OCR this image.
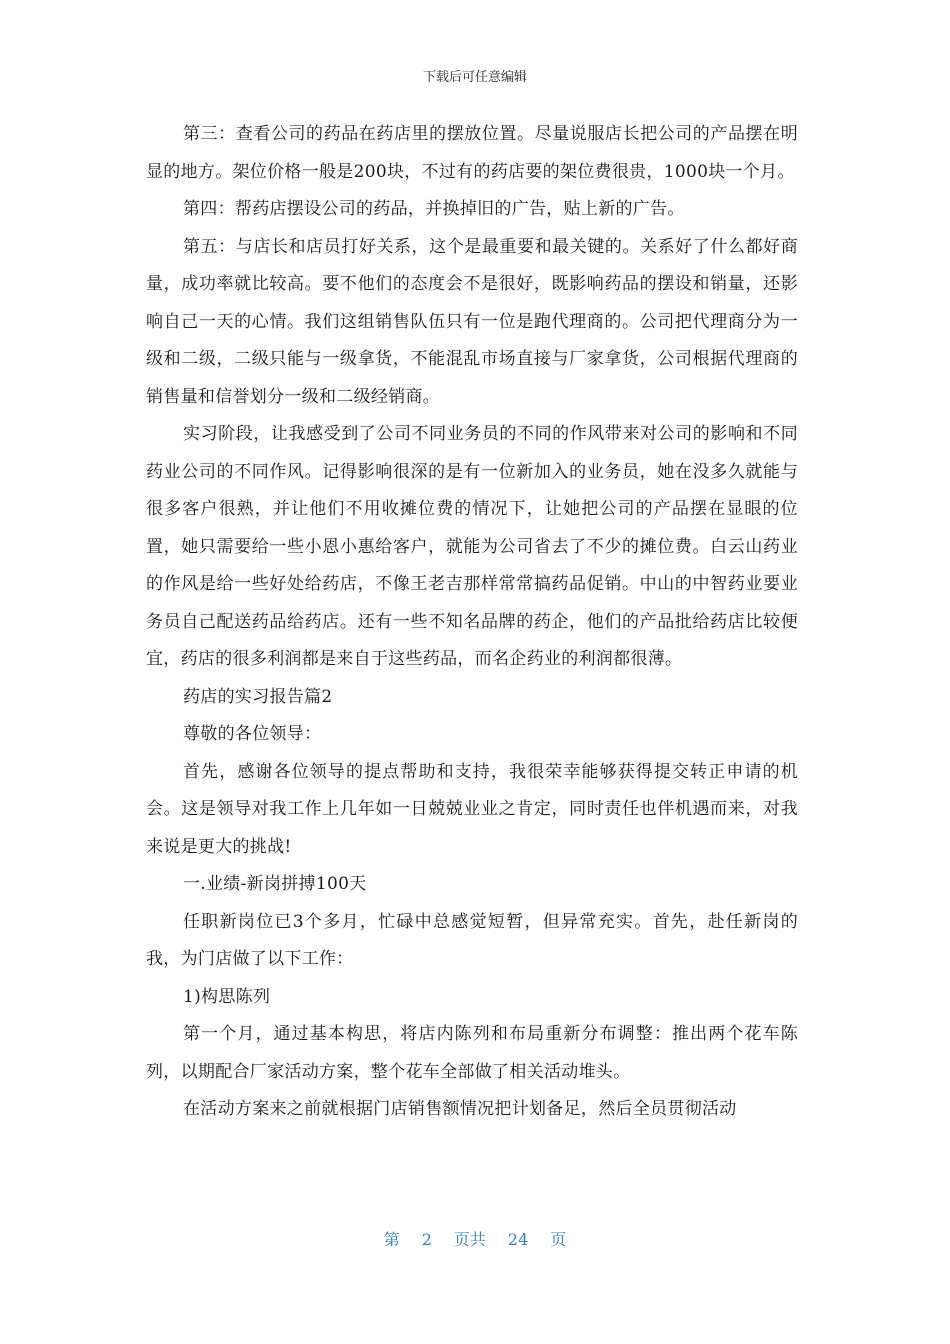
下载后可任意编辑

第三：查看公司的药品在药店里的摆放位置。尽量说服店长把公司的产品摆在明显的地方。架位价格一般是200块，不过有的药店要的架位费很贵，1000块一个月。

第四：帮药店摆设公司的药品，并换掉旧的广告，贴上新的广告。

第五：与店长和店员打好关系，这个是最重要和最关键的。关系好了什么都好商量，成功率就比较高。要不他们的态度会不是很好，既影响药品的摆设和销量，还影响自己一天的心情。我们这组销售队伍只有一位是跑代理商的。公司把代理商分为一级和二级，二级只能与一级拿货，不能混乱市场直接与厂家拿货，公司根据代理商的销售量和信誉划分一级和二级经销商。

实习阶段，让我感受到了公司不同业务员的不同的作风带来对公司的影响和不同药业公司的不同作风。记得影响很深的是有一位新加入的业务员，她在没多久就能与很多客户很熟，并让他们不用收摊位费的情况下，让她把公司的产品摆在显眼的位置，她只需要给一些小恩小惠给客户，就能为公司省去了不少的摊位费。白云山药业的作风是给一些好处给药店，不像王老吉那样常常搞药品促销。中山的中智药业要业务员自己配送药品给药店。还有一些不知名品牌的药企，他们的产品批给药店比较便宜，药店的很多利润都是来自于这些药品，而名企药业的利润都很薄。

药店的实习报告篇2

尊敬的各位领导：

首先，感谢各位领导的提点帮助和支持，我很荣幸能够获得提交转正申请的机会。这是领导对我工作上几年如一日兢兢业业之肯定，同时责任也伴机遇而来，对我来说是更大的挑战!

一.业绩-新岗拼搏100天

任职新岗位已3个多月，忙碌中总感觉短暂，但异常充实。首先，赴任新岗的我，为门店做了以下工作：

1)构思陈列

第一个月，通过基本构思，将店内陈列和布局重新分布调整：推出两个花车陈列，以期配合厂家活动方案，整个花车全部做了相关活动堆头。

在活动方案来之前就根据门店销售额情况把计划备足，然后全员贯彻活动

第 2 页共 24 页
